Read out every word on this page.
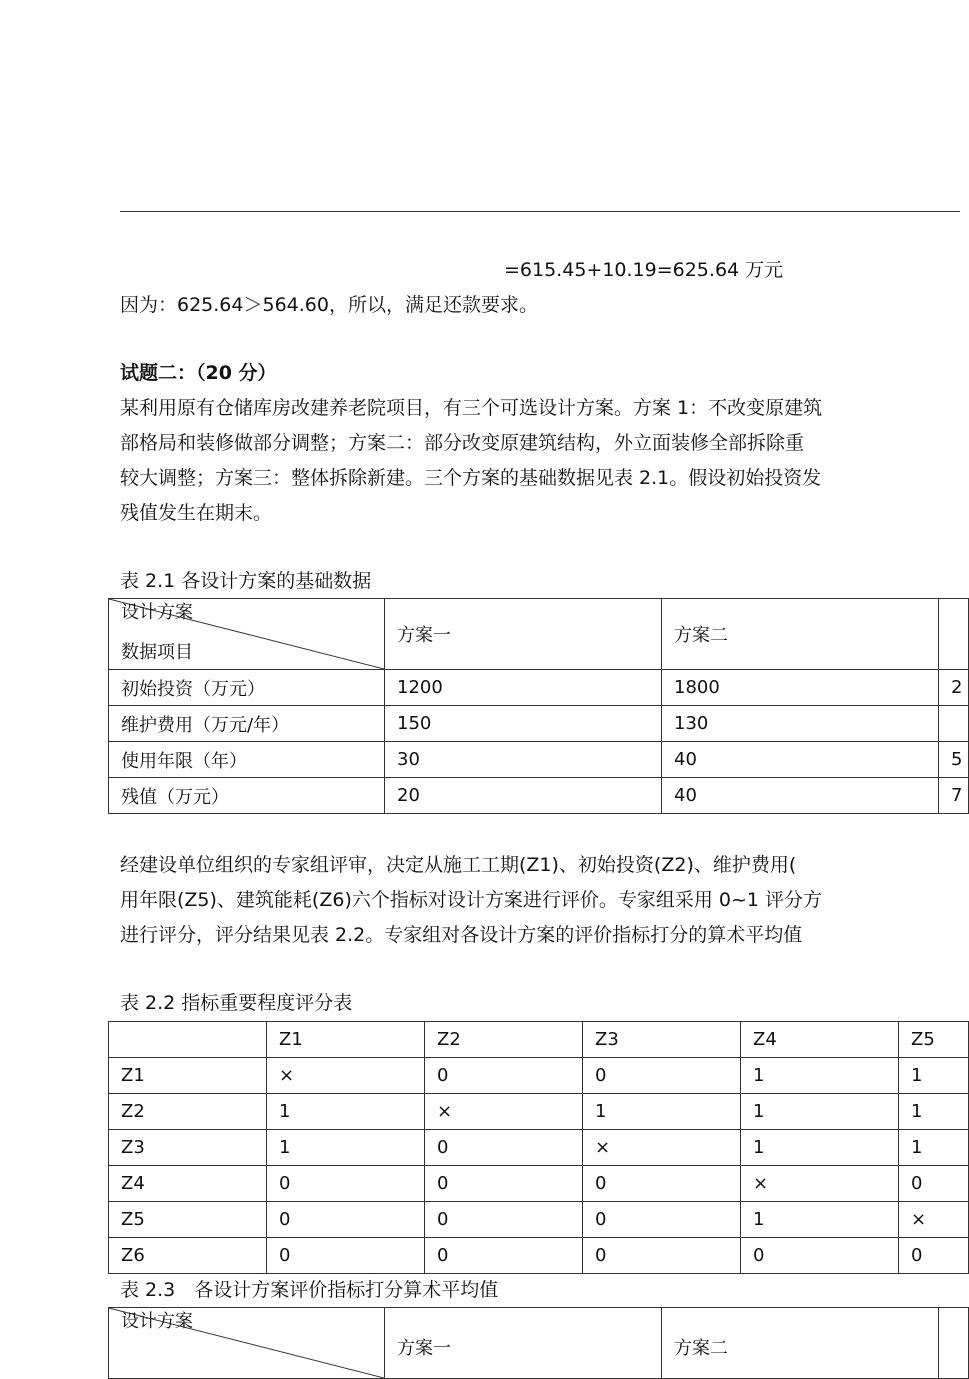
=615.45+10.19=625.64 万元
因为：625.64＞564.60，所以，满足还款要求。
试题二：（20 分）
某利用原有仓储库房改建养老院项目，有三个可选设计方案。方案 1：不改变原建筑
部格局和装修做部分调整；方案二：部分改变原建筑结构，外立面装修全部拆除重
较大调整；方案三：整体拆除新建。三个方案的基础数据见表 2.1。假设初始投资发
残值发生在期末。
表 2.1 各设计方案的基础数据
设计方案
数据项目	方案一	方案二	
初始投资（万元）	1200	1800	2
维护费用（万元/年）	150	130	
使用年限（年）	30	40	5
残值（万元）	20	40	7
经建设单位组织的专家组评审，决定从施工工期(Z1)、初始投资(Z2)、维护费用(
用年限(Z5)、建筑能耗(Z6)六个指标对设计方案进行评价。专家组采用 0~1 评分方
进行评分，评分结果见表 2.2。专家组对各设计方案的评价指标打分的算术平均值
表 2.2 指标重要程度评分表
	Z1	Z2	Z3	Z4	Z5
Z1	×	0	0	1	1
Z2	1	×	1	1	1
Z3	1	0	×	1	1
Z4	0	0	0	×	0
Z5	0	0	0	1	×
Z6	0	0	0	0	0
表 2.3　各设计方案评价指标打分算术平均值
设计方案
	方案一	方案二	
